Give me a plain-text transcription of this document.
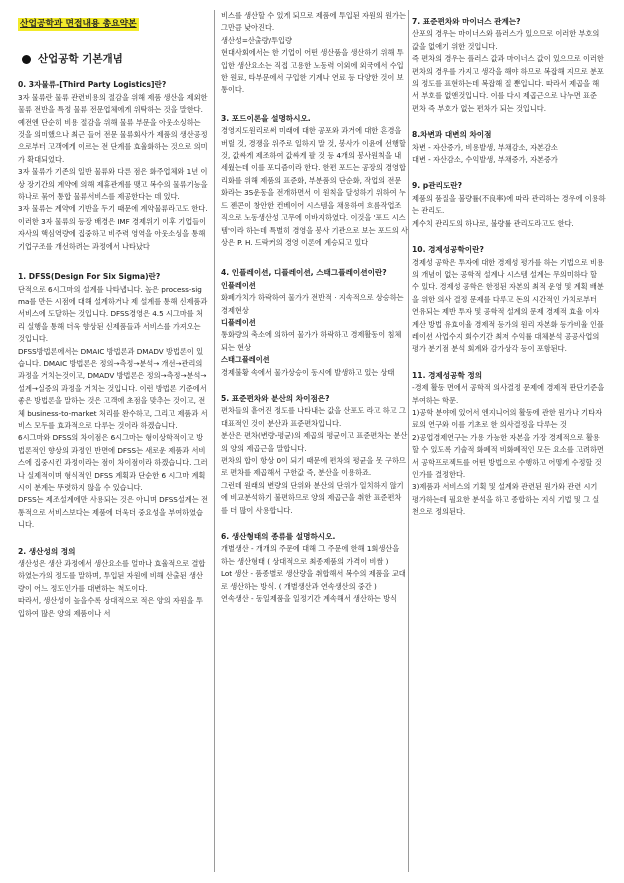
산업공학과 면접내용 총요약본
산업공학 기본개념
0. 3자물류-[Third Party Logistics]란?

3자 물류란 물류 관련비용의 절감을 위해 제품 생산을 제외한 물류 전반을 특정 물류 전문업체에게 위탁하는 것을 말한다. 예전엔 단순히 비용 절감을 위해 물류 부문을 아웃소싱하는 것을 의미했으나 최근 들어 전문 물류회사가 제품의 생산공정으로부터 고객에게 이르는 전 단계를 효율화하는 것으로 의미가 확대되었다.
3자 물류가 기존의 일반 물류와 다른 점은 화주업체와 1년 이상 장기간의 계약에 의해 제휴관계를 맺고 복수의 물류기능을 하나로 묶어 통합 물류서비스를 제공한다는 데 있다.
3자 물류는 계약에 기반을 두기 때문에 계약물류라고도 한다. 이러한 3자 물류의 등장 배경은 IMF 경제위기 이후 기업들이 자사의 핵심역량에 집중하고 비주력 영역을 아웃소싱을 통해 기업구조를 개선하려는 과정에서 나타났다

1. DFSS(Design For Six Sigma)란?

단적으로 6시그마의 설계를 나타냅니다. 높은 process-sigma를 만든 시점에 대해 설계하거나 제 설계를 통해 신제품과 서비스에 도달하는 것입니다. DFSS경영은 4.5 시그마를 처리 실행을 통해 더욱 향상된 신제품들과 서비스를 가져오는 것입니다.
DFSS방법론에서는 DMAIC 방법론과 DMADV 방법론이 있습니다. DMAIC 방법론은 정의→측정→분석→ 개선→관리의 과정을 거치는것이고, DMADV 방법론은 정의→측정→분석→설계→실증의 과정을 거치는 것입니다. 이런 방법론 기준에서 좋은 방법론을 말하는 것은 고객에 초점을 맞추는 것이고, 전체 business-to-market 처리를 완수하고, 그리고 제품과 서비스 모두를 효과적으로 다루는 것이라 하겠습니다.
6시그마와 DFSS의 차이점은 6시그마는 형이상학적이고 방법론적인 향상의 과정인 반면에 DFSS는 새로운 제품과 서비스에 집중시킨 과정이라는 점이 차이점이라 하겠습니다. 그러나 실제적이며 형식적인 DFSS 계획과 단순한 6 시그마 계획시이 분계는 뚜렷하지 않을 수 있습니다.
DFSS는 제조설계에만 사용되는 것은 아니며 DFSS설계는 전통적으로 서비스보다는 제품에 더욱더 중요성을 부여하였습니다.

2. 생산성의 정의

생산성은 생산 과정에서 생산요소를 얼마나 효율적으로 결합하였는가의 정도를 말하며, 투입된 자원에 비해 산출된 생산량이 어느 정도인가를 대변하는 척도이다.
따라서, 생산성이 높을수록 상대적으로 적은 양의 자원을 투입하여 많은 양의 제품이나 서

비스를 생산할 수 있게 되므로 제품에 투입된 자원의 원가는 그만큼 낮아진다.
생산성=산출량/투입량
현대사회에서는 한 기업이 어떤 생산품을 생산하기 위해 투입한 생산요소는 직접 고용한 노동력 이외에 외국에서 수입한 원료, 타부문에서 구입한 기계나 연료 등 다양한 것이 보통이다.

3. 포드이론을 설명하시오.

경영지도원리로써 미래에 대한 공포와 과거에 대한 흔경을 버릴 것, 경쟁을 위주로 일하지 말 것, 봉사가 이윤에 선행할 것, 값싸게 제조하여 값싸게 팔 것 등 4개의 봉사원칙을 내세웠는데 이를 포디즘이라 한다. 한편 포드는 공장의 경영합리화를 위해 제품의 표준화, 부분품의 단순화, 작업의 전문화라는 3S운동을 전개하면서 이 원칙을 달성하기 위하여 누드 젠콘이 창안한 컨베이어 시스템을 채용하여 흐름작업조직으로 노동생산성 고무에 이바지하였다. 이것을 '포드 시스템'이라 하는데 특별히 경영을 봉사 기관으로 보는 포드의 사상은 P. H. 드락커의 경영 이론에 계승되고 있다

4. 인플레이션, 디플레이션, 스태그플레이션이란?
인플레이션

화폐가치가 하락하여 물가가 전반적 · 지속적으로 상승하는 경제현상

디플레이션

통화량의 축소에 의하여 물가가 하락하고 경제활동이 침체되는 현상

스태그플레이션

경제불황 속에서 물가상승이 동시에 발생하고 있는 상태

5. 표준편차와 분산의 차이점은?

편차들의 흩어진 정도를 나타내는 값을 산포도 라고 하고 그 대표적인 것이 분산과 표준편차입니다.
분산은 편차(변량-평균)의 제곱의 평균이고 표준편차는 분산의 양의 제곱근을 말합니다.
편차의 합이 항상 0이 되기 때문에 편차의 평균을 못 구하므로 편차를 제곱해서 구한값 즉, 분산을 이용하죠.
그런데 원래의 변량의 단위와 분산의 단위가 일치하지 않기에 비교분석하기 불편하므로 양의 제곱근을 취한 표준편차를 더 많이 사용합니다.

6. 생산형태의 종류를 설명하시오.

개별생산 - 개개의 주문에 대해 그 주문에 한해 1회생산을 하는 생산형태 ( 상대적으로 최종제품의 가격이 비쌈 )
Lot 생산 - 품종별로 생산량을 취합해서 복수의 제품을 교대로 생산하는 방식. ( 개별생산과 연속생산의 중간 )
연속생산 - 동일제품을 일정기간 계속해서 생산하는 방식

7. 표준편차와 마이너스 관계는?

산포의 경우는 마이너스와 플러스가 있으므로 이러한 부호의 값을 없애기 위한 것입니다.
즉 편차의 경우는 플러스 값과 마이너스 값이 있으므로 이러한 편차의 경우를 가지고 생각을 해야 하므로 복잡해 지므로 분포의 정도를 표현하는데 복잡해 질 뿐입니다. 따라서 제곱을 해서 부호를 없앤것입니다. 이를 다시 제곱근으로 나누면 표준 편차 즉 부호가 없는 편차가 되는 것입니다.

8.차변과 대변의 차이점

차변 - 자산증가, 비용발생, 부채감소, 자본감소
대변 - 자산감소, 수익발생, 부채증가, 자본증가

9. p관리도란?

제품의 품질을 불량률(不良率)에 따라 관리하는 경우에 이용하는 관리도.
계수치 관리도의 하나로, 불량률 관리도라고도 한다.

10. 경제성공학이란?

경제성 공학은 투자에 대한 경제성 평가를 하는 기법으로 비용의 개념이 없는 공학적 설계나 시스템 설계는 무의미하다 할 수 있다. 경제성 공학은 한정된 자본의 최적 운영 및 계획 배분을 위한 의사 결정 문제를 다루고 돈의 시간적인 가치로부터 연유되는 제반 투자 및 공학적 설계의 문제 경제적 효율 이자 계산 방법 유효이율 경제적 등가의 원리 자본화 등가비율 인플레이션 사업수지 회수기간 최저 수익률 대체분석 공공사업의 평가 분기점 분석 회계와 감가상각 등이 포함된다.

11. 경제성공학 정의

-경제 활동 면에서 공학적 의사결정 문제에 경제적 판단기준을 부여하는 학문.
1)공학 분야에 있어서 엔지니어의 활동에 관한 원가나 기타자료의 연구와 이를 기초로 한 의사결정을 다루는 것
2)공업경제연구는 가용 가능한 자본을 가장 경제적으로 활용할 수 있도록 기술적 화폐적 비화폐적인 모든 요소를 고려하면서 공학프로젝트를 어떤 방법으로 수행하고 어떻게 수정할 것인가를 결정한다.
3)제품과 서비스의 기획 및 설계와 관련된 원가와 관련 시기 평가하는데 필요한 분석을 하고 종합하는 지식 기법 및 그 실천으로 정의된다.
